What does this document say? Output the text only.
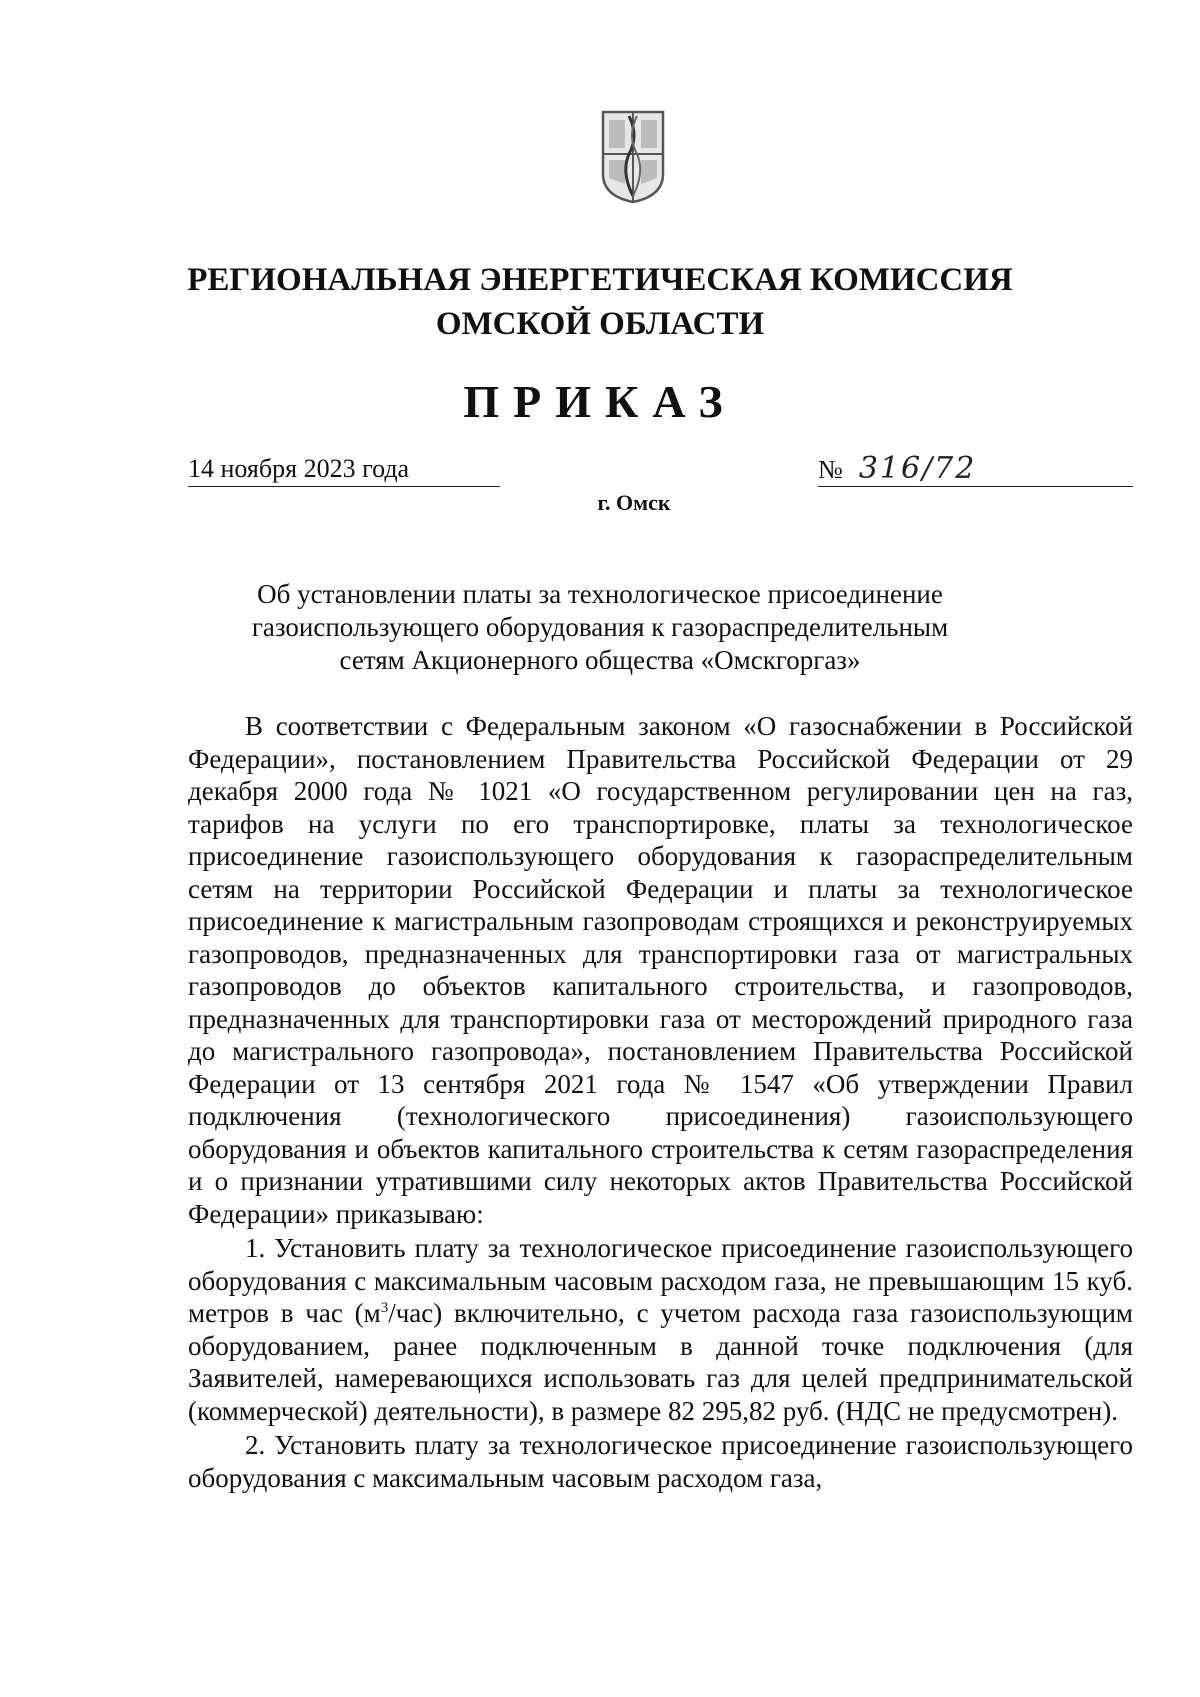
РЕГИОНАЛЬНАЯ ЭНЕРГЕТИЧЕСКАЯ КОМИССИЯ
ОМСКОЙ ОБЛАСТИ
ПРИКАЗ
14 ноября 2023 года	№ 316/72
г. Омск
Об установлении платы за технологическое присоединение
газоиспользующего оборудования к газораспределительным
сетям Акционерного общества «Омскгоргаз»

В соответствии с Федеральным законом «О газоснабжении в Российской Федерации», постановлением Правительства Российской Федерации от 29 декабря 2000 года № 1021 «О государственном регулировании цен на газ, тарифов на услуги по его транспортировке, платы за технологическое присоединение газоиспользующего оборудования к газораспределительным сетям на территории Российской Федерации и платы за технологическое присоединение к магистральным газопроводам строящихся и реконструируемых газопроводов, предназначенных для транспортировки газа от магистральных газопроводов до объектов капитального строительства, и газопроводов, предназначенных для транспортировки газа от месторождений природного газа до магистрального газопровода», постановлением Правительства Российской Федерации от 13 сентября 2021 года № 1547 «Об утверждении Правил подключения (технологического присоединения) газоиспользующего оборудования и объектов капитального строительства к сетям газораспределения и о признании утратившими силу некоторых актов Правительства Российской Федерации» приказываю:

1. Установить плату за технологическое присоединение газоиспользующего оборудования с максимальным часовым расходом газа, не превышающим 15 куб. метров в час $(м^3/час)$ включительно, с учетом расхода газа газоиспользующим оборудованием, ранее подключенным в данной точке подключения (для Заявителей, намеревающихся использовать газ для целей предпринимательской (коммерческой) деятельности), в размере 82 295,82 руб. (НДС не предусмотрен).

2. Установить плату за технологическое присоединение газоиспользующего оборудования с максимальным часовым расходом газа,
